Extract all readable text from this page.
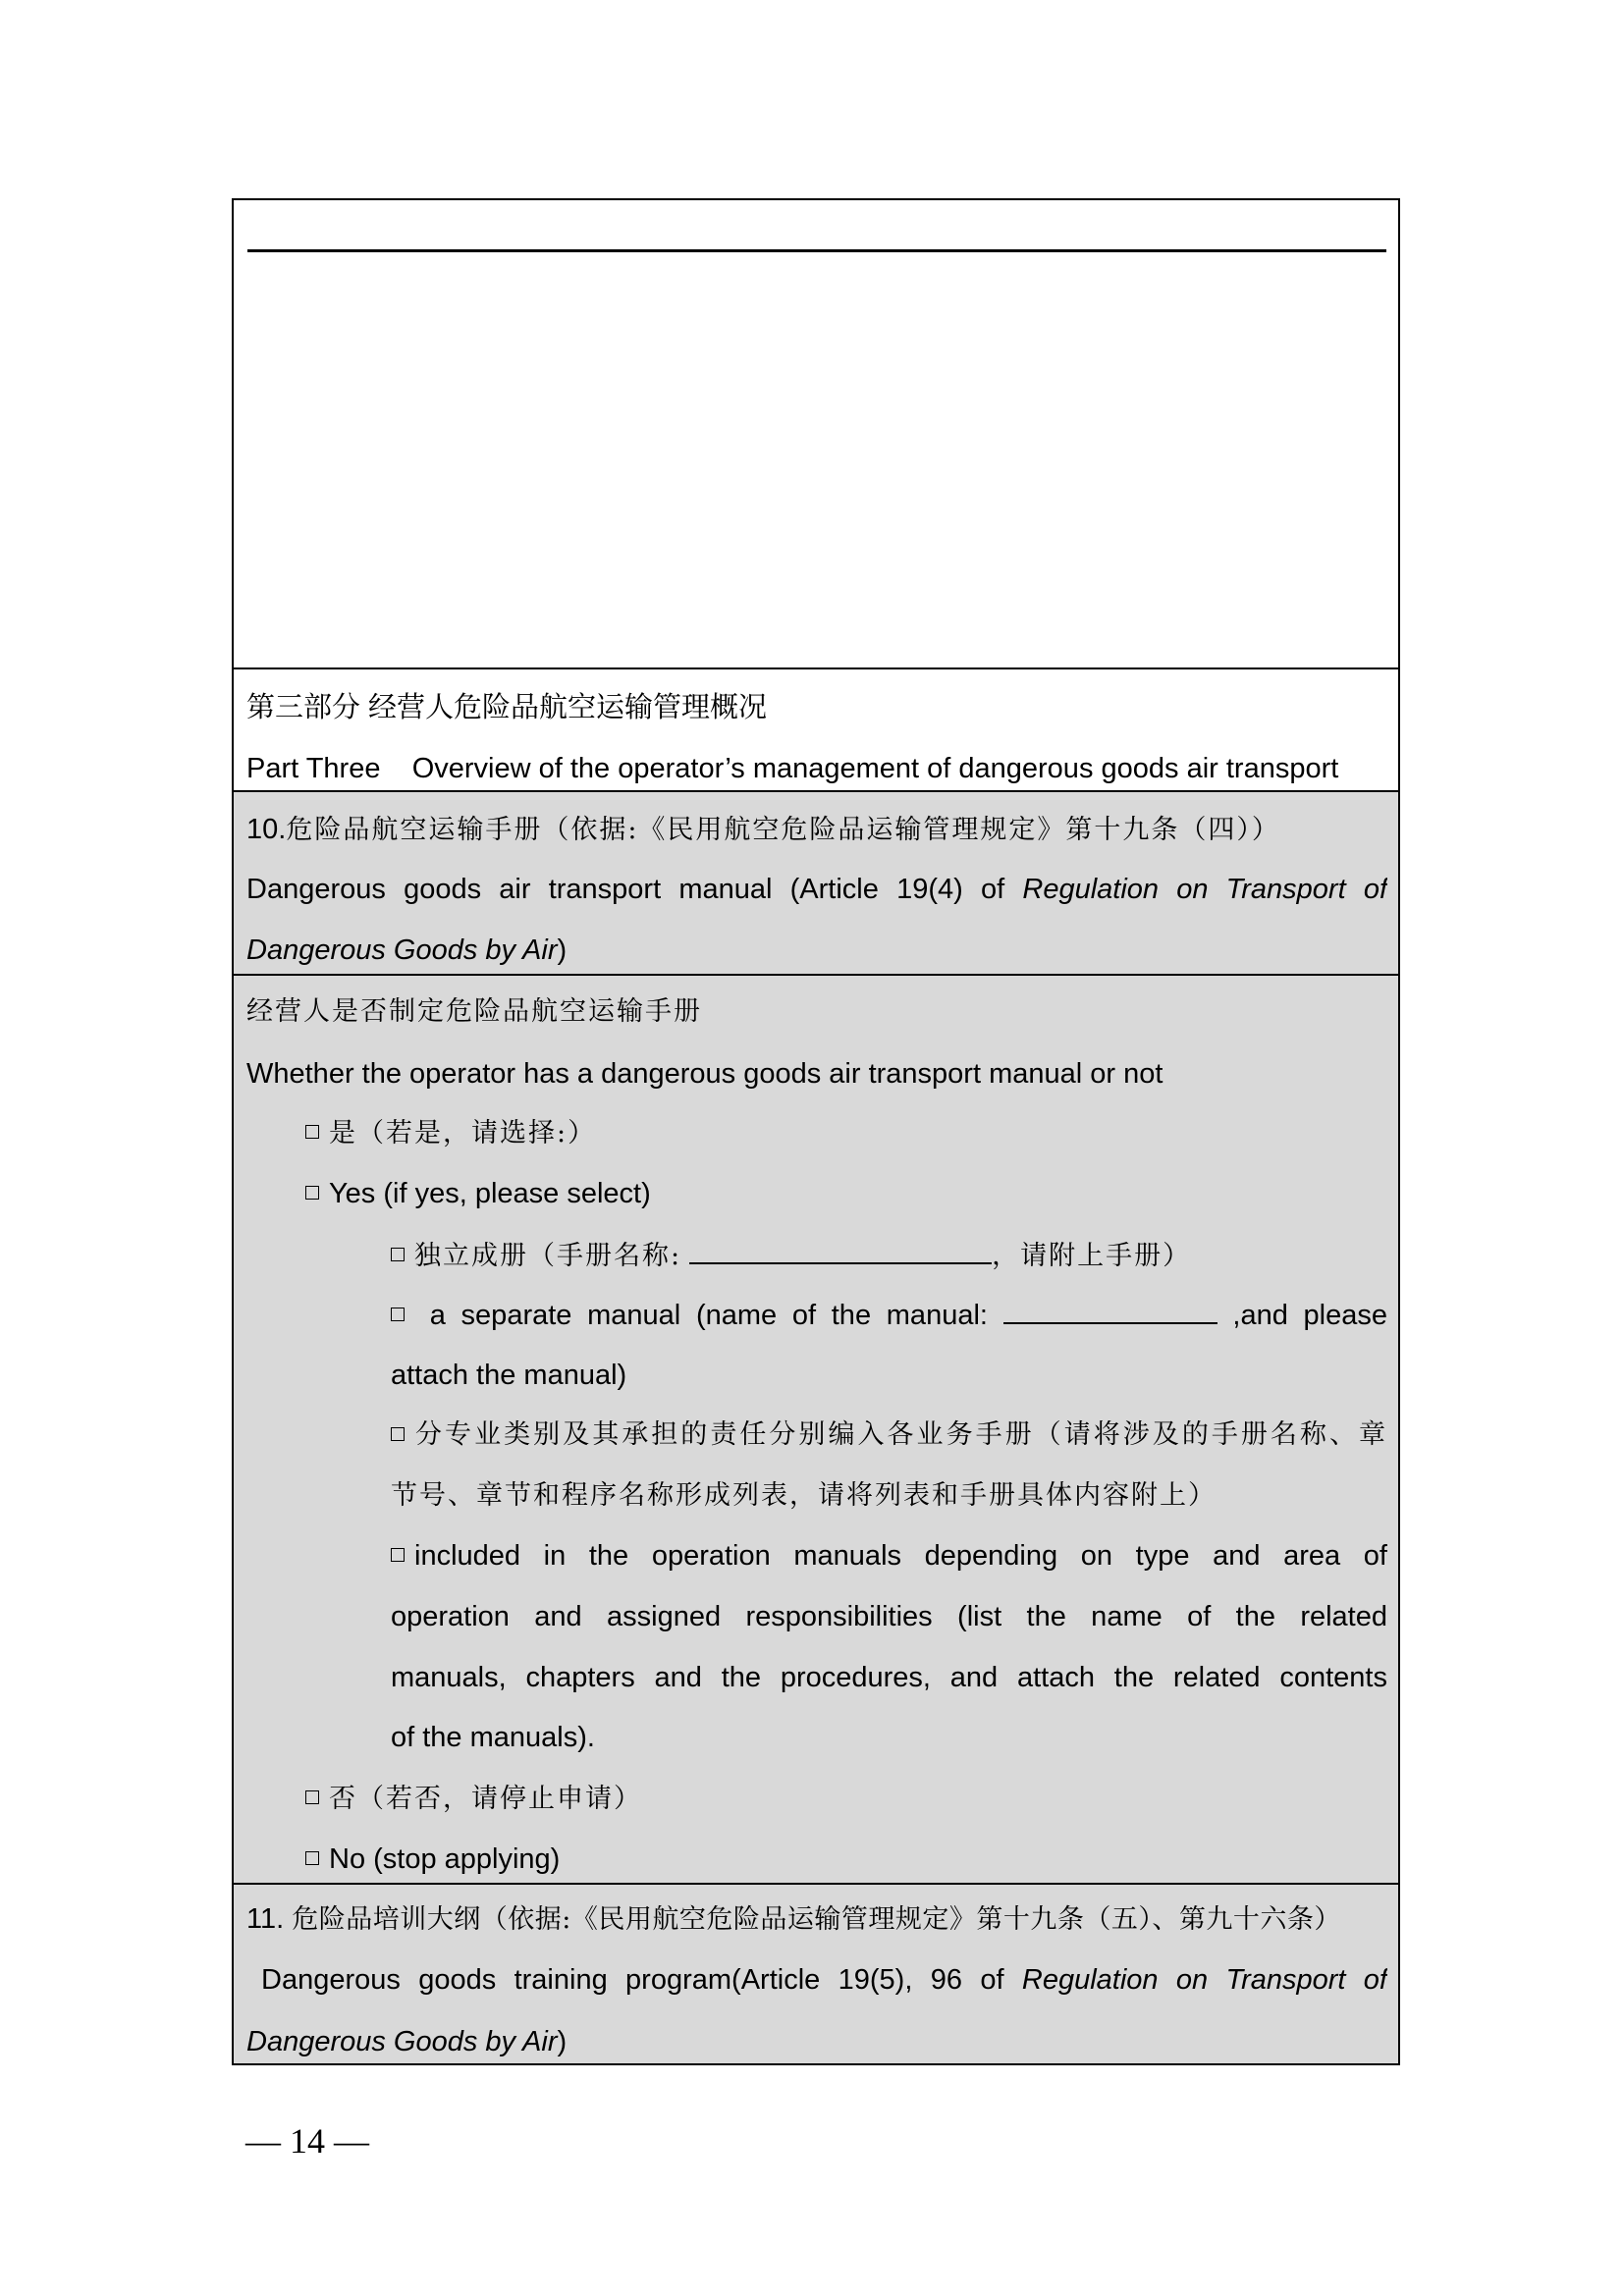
第三部分 经营人危险品航空运输管理概况
Part Three Overview of the operator’s management of dangerous goods air transport
10.危险品航空运输手册（依据:《民用航空危险品运输管理规定》第十九条（四））
Dangerous goods air transport manual (Article 19(4) of Regulation on Transport of
Dangerous Goods by Air)
经营人是否制定危险品航空运输手册
Whether the operator has a dangerous goods air transport manual or not
是（若是，请选择:）
Yes (if yes, please select)
独立成册（手册名称:	，请附上手册）
a separate manual (name of the manual:	,and please
attach the manual)
分专业类别及其承担的责任分别编入各业务手册（请将涉及的手册名称、章
节号、章节和程序名称形成列表，请将列表和手册具体内容附上）
included in the operation manuals depending on type and area of
operation and assigned responsibilities (list the name of the related
manuals, chapters and the procedures, and attach the related contents
of the manuals).
否（若否，请停止申请）
No (stop applying)
11. 危险品培训大纲（依据:《民用航空危险品运输管理规定》第十九条（五）、第九十六条）
Dangerous goods training program(Article 19(5), 96 of Regulation on Transport of
Dangerous Goods by Air)
— 14 —
